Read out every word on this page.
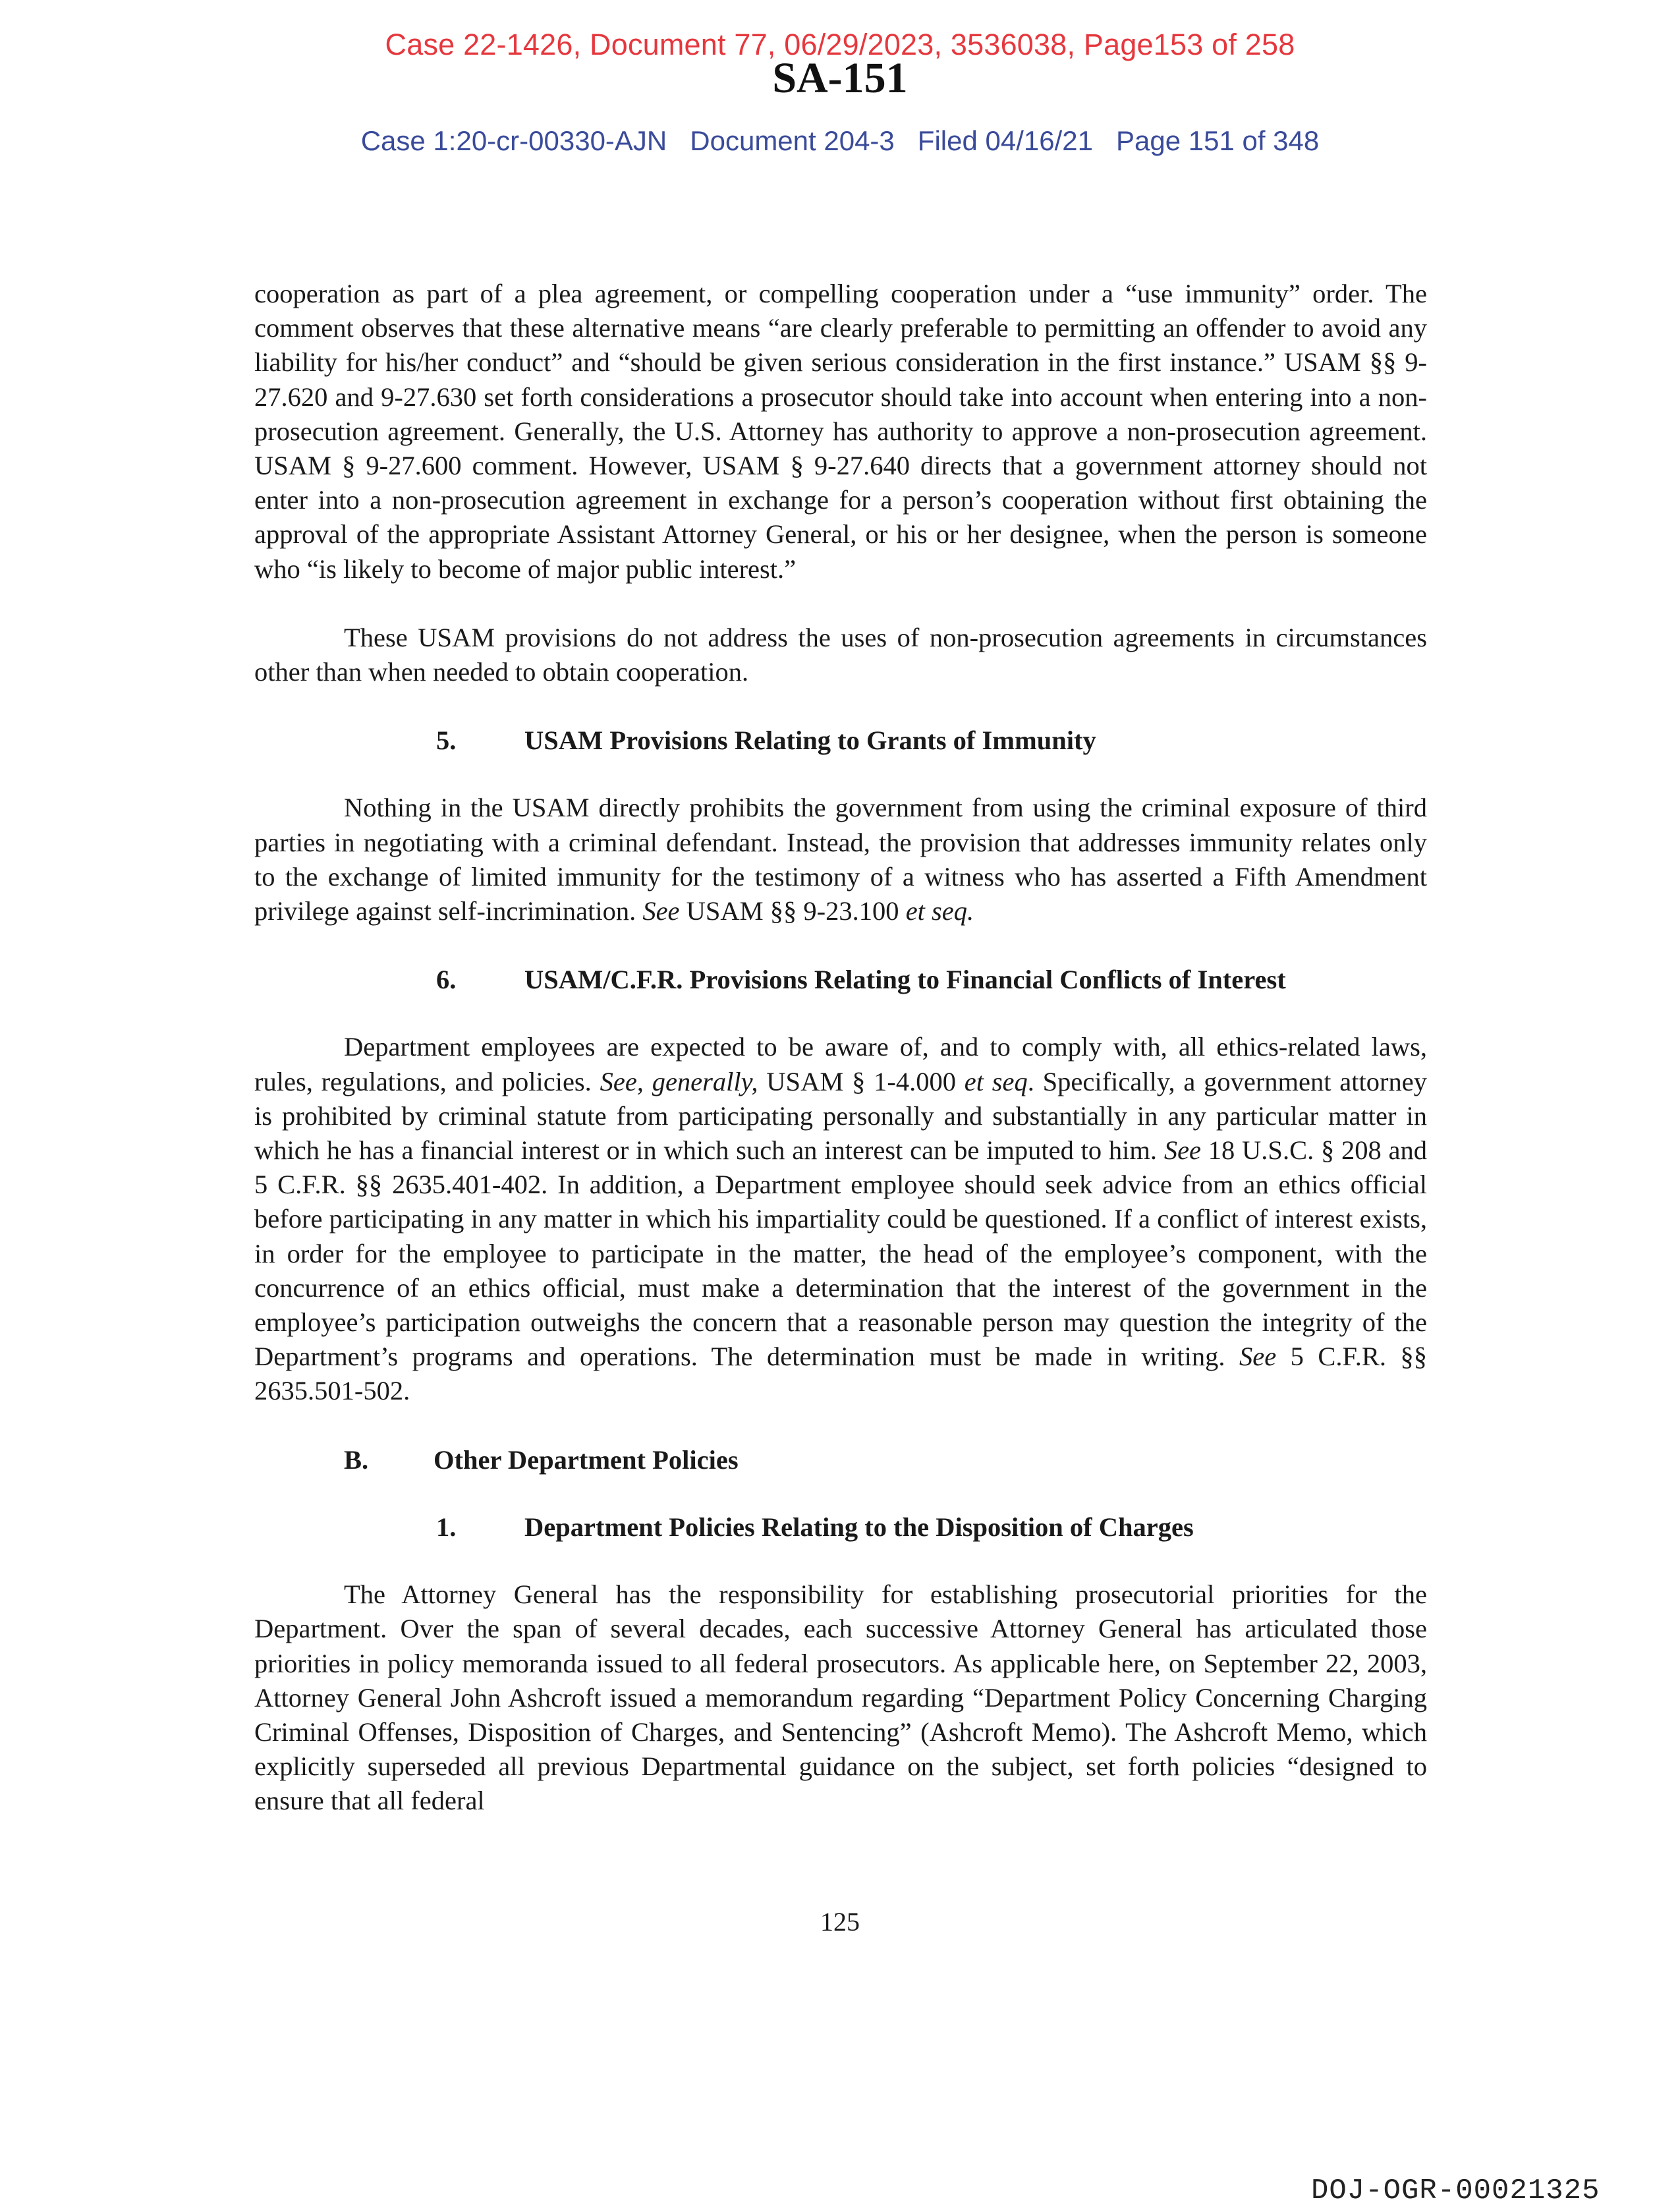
Case 22-1426, Document 77, 06/29/2023, 3536038, Page153 of 258
SA-151
Case 1:20-cr-00330-AJN   Document 204-3   Filed 04/16/21   Page 151 of 348

cooperation as part of a plea agreement, or compelling cooperation under a “use immunity” order. The comment observes that these alternative means “are clearly preferable to permitting an offender to avoid any liability for his/her conduct” and “should be given serious consideration in the first instance.” USAM §§ 9-27.620 and 9-27.630 set forth considerations a prosecutor should take into account when entering into a non-prosecution agreement. Generally, the U.S. Attorney has authority to approve a non-prosecution agreement. USAM § 9-27.600 comment. However, USAM § 9-27.640 directs that a government attorney should not enter into a non-prosecution agreement in exchange for a person’s cooperation without first obtaining the approval of the appropriate Assistant Attorney General, or his or her designee, when the person is someone who “is likely to become of major public interest.”

These USAM provisions do not address the uses of non-prosecution agreements in circumstances other than when needed to obtain cooperation.

5.	USAM Provisions Relating to Grants of Immunity

Nothing in the USAM directly prohibits the government from using the criminal exposure of third parties in negotiating with a criminal defendant. Instead, the provision that addresses immunity relates only to the exchange of limited immunity for the testimony of a witness who has asserted a Fifth Amendment privilege against self-incrimination. See USAM §§ 9-23.100 et seq.

6.	USAM/C.F.R. Provisions Relating to Financial Conflicts of Interest

Department employees are expected to be aware of, and to comply with, all ethics-related laws, rules, regulations, and policies. See, generally, USAM § 1-4.000 et seq. Specifically, a government attorney is prohibited by criminal statute from participating personally and substantially in any particular matter in which he has a financial interest or in which such an interest can be imputed to him. See 18 U.S.C. § 208 and 5 C.F.R. §§ 2635.401-402. In addition, a Department employee should seek advice from an ethics official before participating in any matter in which his impartiality could be questioned. If a conflict of interest exists, in order for the employee to participate in the matter, the head of the employee’s component, with the concurrence of an ethics official, must make a determination that the interest of the government in the employee’s participation outweighs the concern that a reasonable person may question the integrity of the Department’s programs and operations. The determination must be made in writing. See 5 C.F.R. §§ 2635.501-502.

B. Other Department Policies
1.	Department Policies Relating to the Disposition of Charges

The Attorney General has the responsibility for establishing prosecutorial priorities for the Department. Over the span of several decades, each successive Attorney General has articulated those priorities in policy memoranda issued to all federal prosecutors. As applicable here, on September 22, 2003, Attorney General John Ashcroft issued a memorandum regarding “Department Policy Concerning Charging Criminal Offenses, Disposition of Charges, and Sentencing” (Ashcroft Memo). The Ashcroft Memo, which explicitly superseded all previous Departmental guidance on the subject, set forth policies “designed to ensure that all federal

125
DOJ-OGR-00021325
